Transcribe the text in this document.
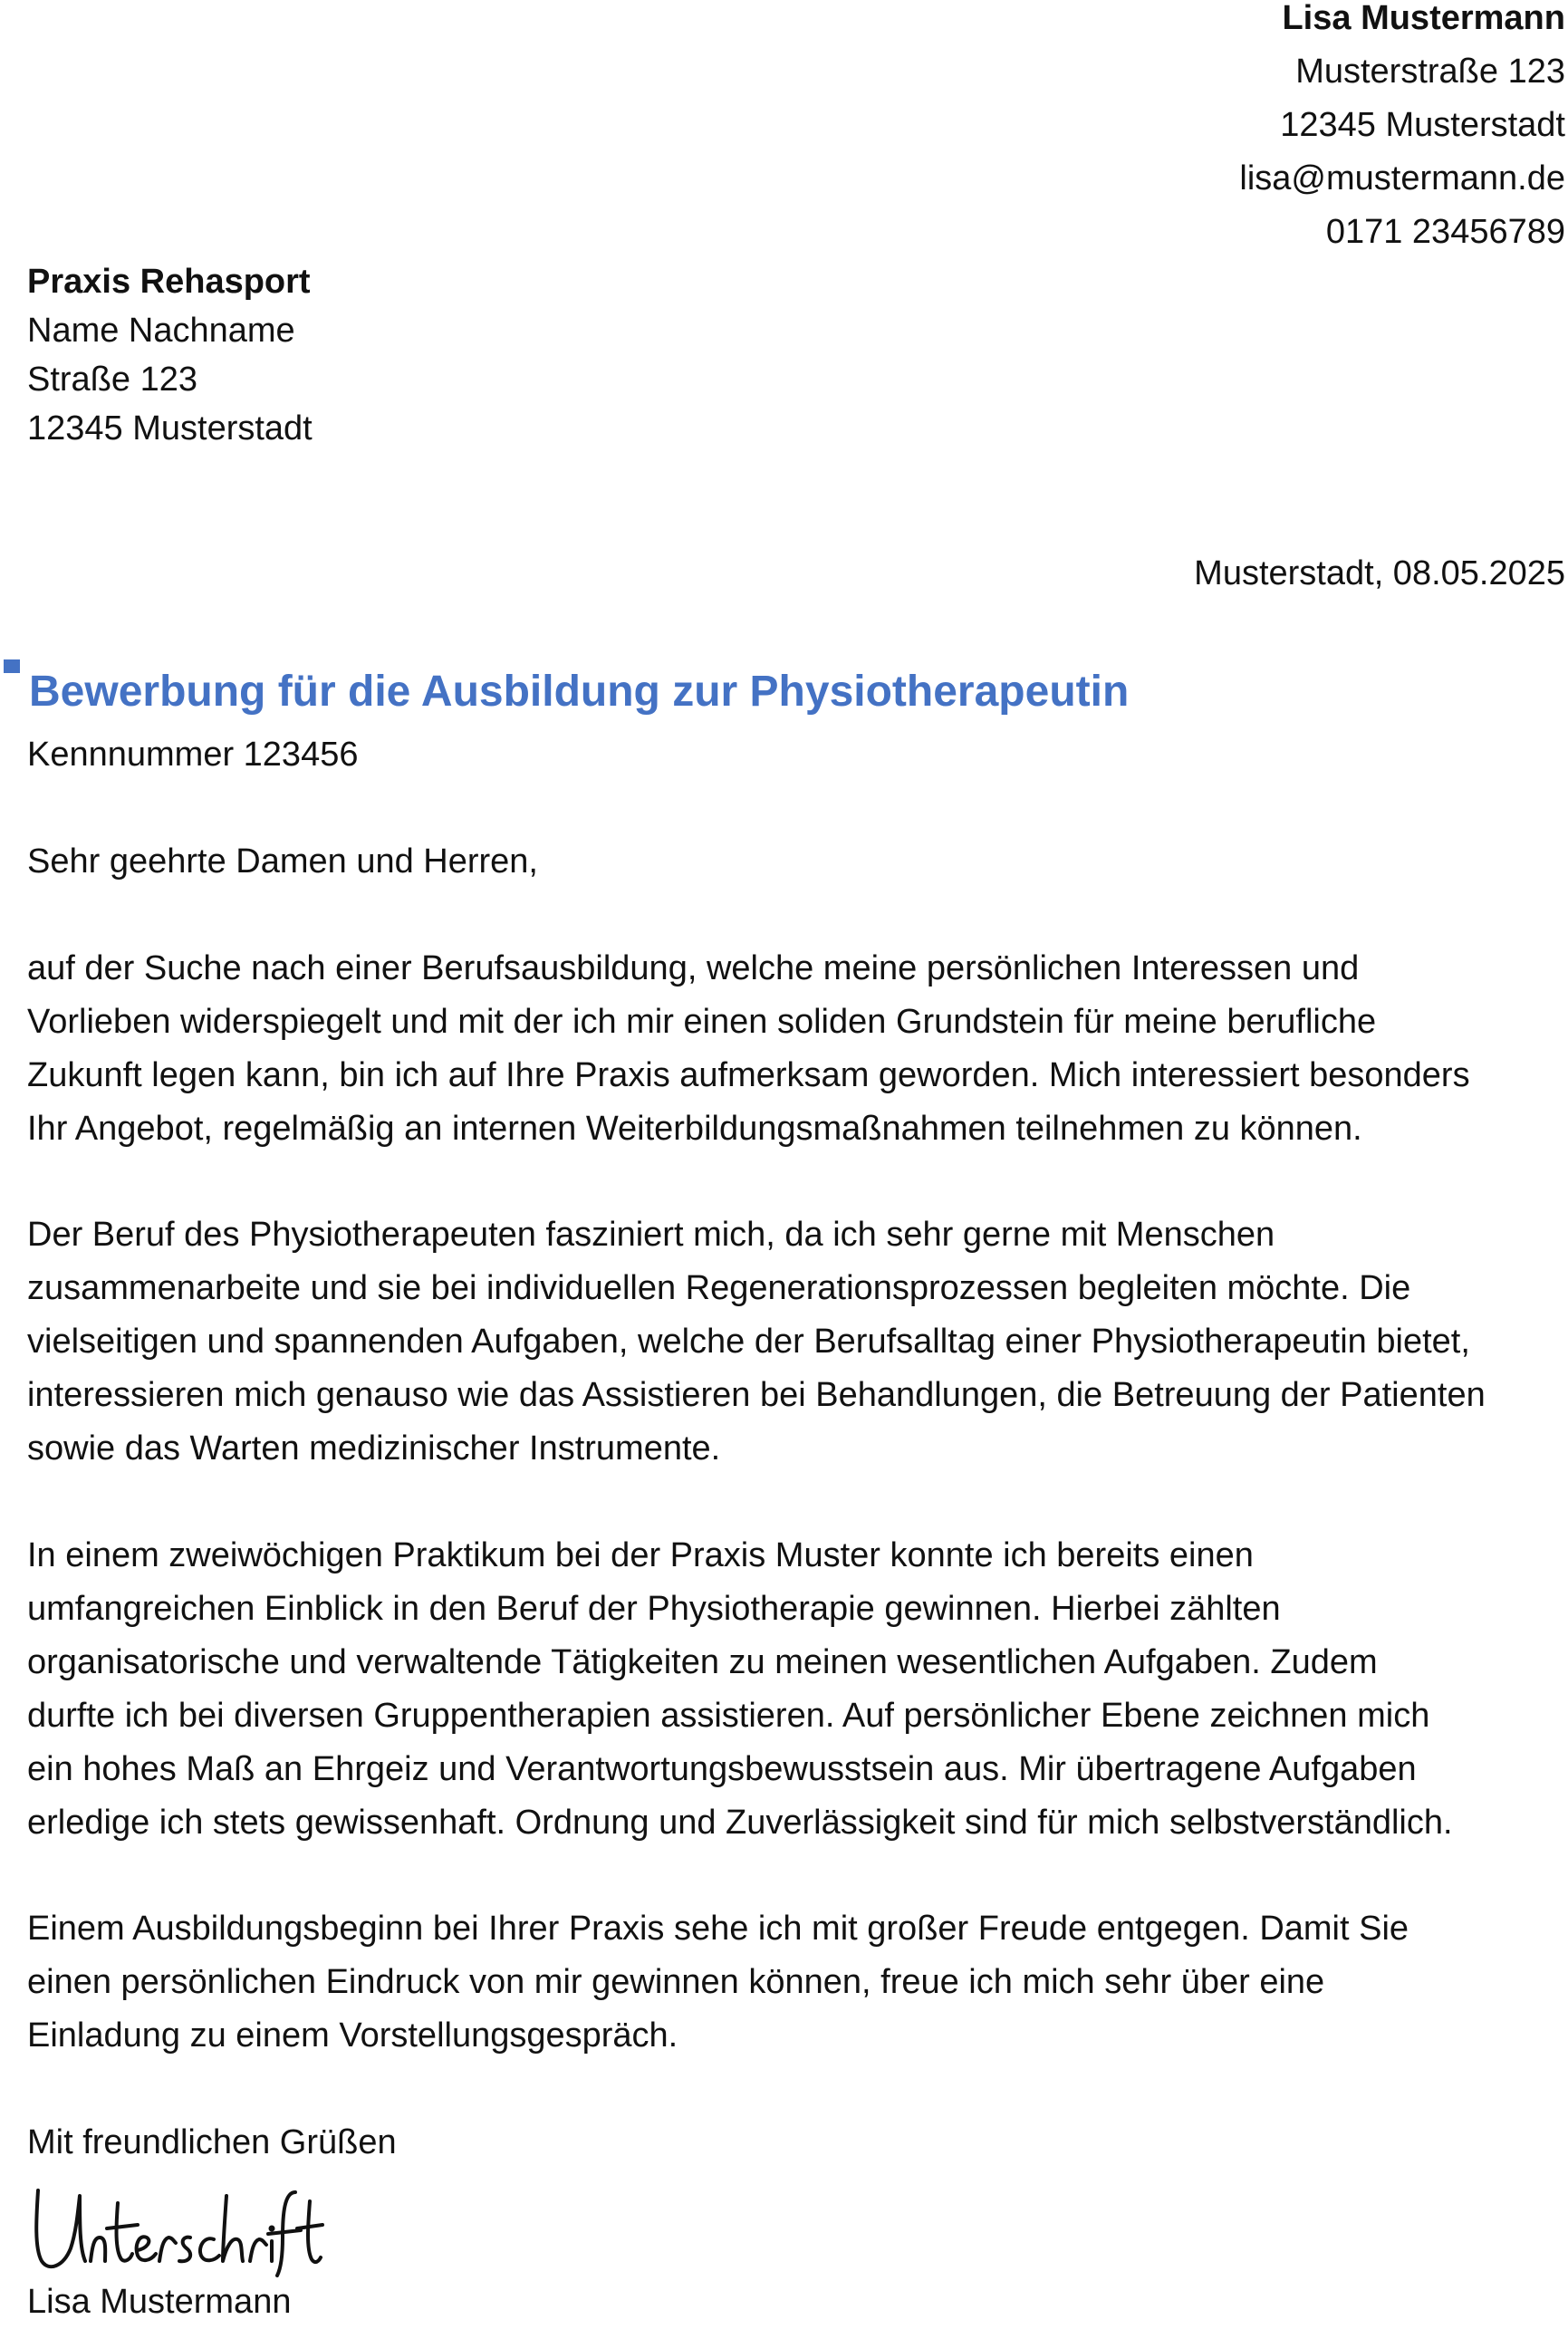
Lisa Mustermann
Musterstraße 123
12345 Musterstadt
lisa@mustermann.de
0171 23456789
Praxis Rehasport
Name Nachname
Straße 123
12345 Musterstadt
Musterstadt, 08.05.2025
Bewerbung für die Ausbildung zur Physiotherapeutin
Kennnummer 123456
Sehr geehrte Damen und Herren,
auf der Suche nach einer Berufsausbildung, welche meine persönlichen Interessen und
Vorlieben widerspiegelt und mit der ich mir einen soliden Grundstein für meine berufliche
Zukunft legen kann, bin ich auf Ihre Praxis aufmerksam geworden. Mich interessiert besonders
Ihr Angebot, regelmäßig an internen Weiterbildungsmaßnahmen teilnehmen zu können.
Der Beruf des Physiotherapeuten fasziniert mich, da ich sehr gerne mit Menschen
zusammenarbeite und sie bei individuellen Regenerationsprozessen begleiten möchte. Die
vielseitigen und spannenden Aufgaben, welche der Berufsalltag einer Physiotherapeutin bietet,
interessieren mich genauso wie das Assistieren bei Behandlungen, die Betreuung der Patienten
sowie das Warten medizinischer Instrumente.
In einem zweiwöchigen Praktikum bei der Praxis Muster konnte ich bereits einen
umfangreichen Einblick in den Beruf der Physiotherapie gewinnen. Hierbei zählten
organisatorische und verwaltende Tätigkeiten zu meinen wesentlichen Aufgaben. Zudem
durfte ich bei diversen Gruppentherapien assistieren. Auf persönlicher Ebene zeichnen mich
ein hohes Maß an Ehrgeiz und Verantwortungsbewusstsein aus. Mir übertragene Aufgaben
erledige ich stets gewissenhaft. Ordnung und Zuverlässigkeit sind für mich selbstverständlich.
Einem Ausbildungsbeginn bei Ihrer Praxis sehe ich mit großer Freude entgegen. Damit Sie
einen persönlichen Eindruck von mir gewinnen können, freue ich mich sehr über eine
Einladung zu einem Vorstellungsgespräch.
Mit freundlichen Grüßen
Lisa Mustermann
